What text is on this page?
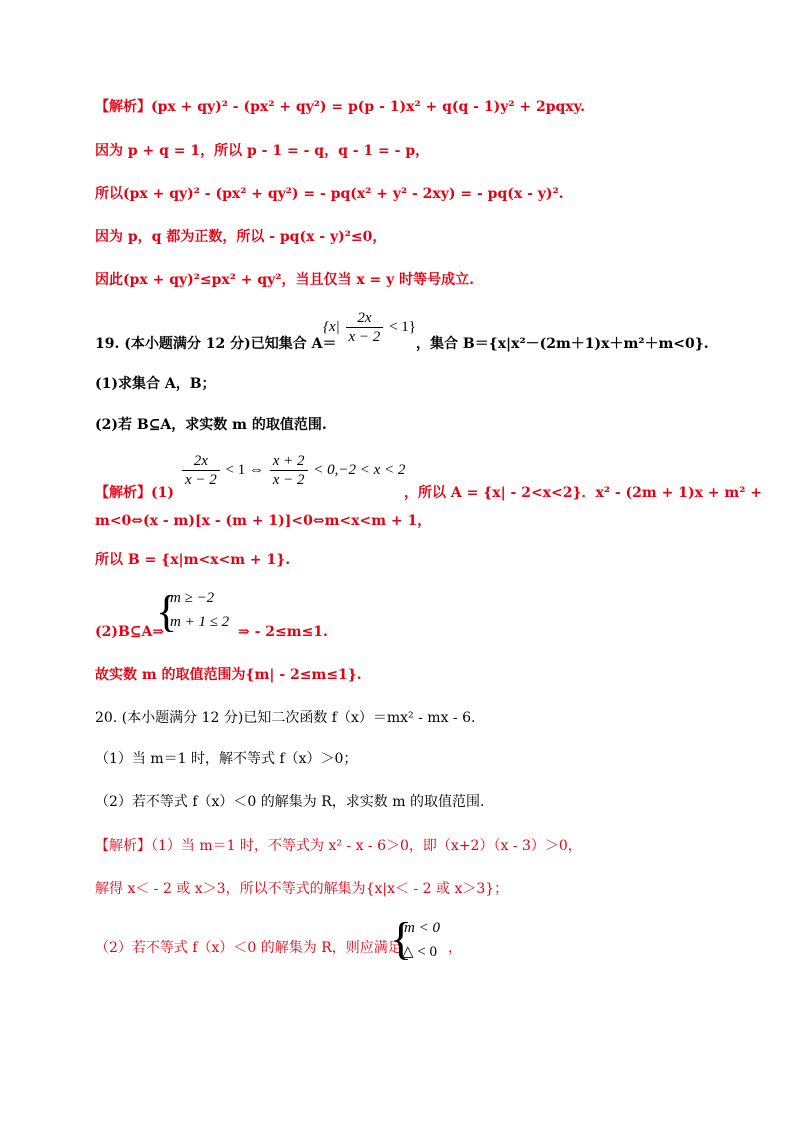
【解析】(px + qy)² - (px² + qy²) = p(p - 1)x² + q(q - 1)y² + 2pqxy.
因为 p + q = 1，所以 p - 1 = - q，q - 1 = - p，
所以(px + qy)² - (px² + qy²) = - pq(x² + y² - 2xy) = - pq(x - y)².
因为 p，q 都为正数，所以 - pq(x - y)²≤0，
因此(px + qy)²≤px² + qy²，当且仅当 x = y 时等号成立.
19. (本小题满分 12 分)已知集合 A＝
$\{x| \frac{2x}{x - 2} < 1\}$
，集合 B＝{x|x²－(2m＋1)x＋m²＋m<0}.
(1)求集合 A，B；
(2)若 B⊆A，求实数 m 的取值范围.
【解析】(1)
$\frac{2x}{x - 2} < 1$ ⇔ $\frac{x + 2}{x - 2} < 0,-2 < x < 2$
，所以 A = {x| - 2<x<2}．x² - (2m + 1)x + m² +
m<0⇔(x - m)[x - (m + 1)]<0⇔m<x<m + 1，
所以 B = {x|m<x<m + 1}.
(2)B⊆A⇒
{
m ≥ −2
m + 1 ≤ 2
⇒ - 2≤m≤1.
故实数 m 的取值范围为{m| - 2≤m≤1}.
20. (本小题满分 12 分)已知二次函数 f（x）＝mx² - mx - 6.
（1）当 m＝1 时，解不等式 f（x）＞0；
（2）若不等式 f（x）＜0 的解集为 R，求实数 m 的取值范围.
【解析】（1）当 m＝1 时，不等式为 x² - x - 6＞0，即（x+2）（x - 3）＞0，
解得 x＜ - 2 或 x＞3，所以不等式的解集为{x|x＜ - 2 或 x＞3}；
（2）若不等式 f（x）＜0 的解集为 R，则应满足
{
m < 0
△ < 0 ，
